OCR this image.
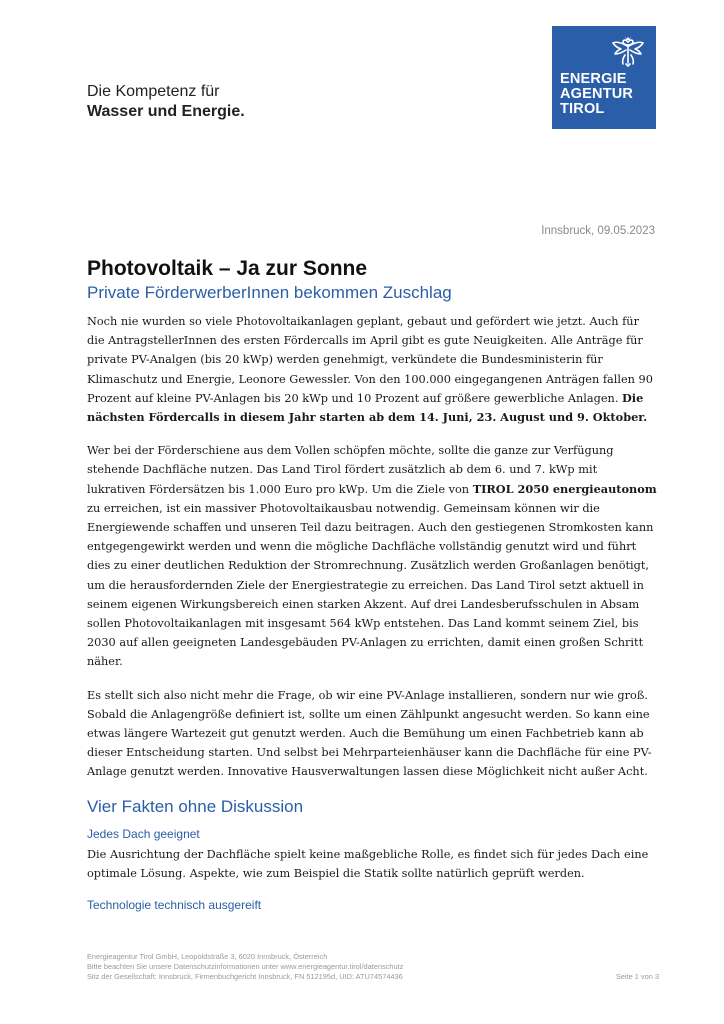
Die Kompetenz für
Wasser und Energie.
ENERGIE
AGENTUR
TIROL
Innsbruck, 09.05.2023
Photovoltaik – Ja zur Sonne
Private FörderwerberInnen bekommen Zuschlag

Noch nie wurden so viele Photovoltaikanlagen geplant, gebaut und gefördert wie jetzt. Auch für die AntragstellerInnen des ersten Fördercalls im April gibt es gute Neuigkeiten. Alle Anträge für private PV-Analgen (bis 20 kWp) werden genehmigt, verkündete die Bundesministerin für Klimaschutz und Energie, Leonore Gewessler. Von den 100.000 eingegangenen Anträgen fallen 90 Prozent auf kleine PV-Anlagen bis 20 kWp und 10 Prozent auf größere gewerbliche Anlagen. Die nächsten Fördercalls in diesem Jahr starten ab dem 14. Juni, 23. August und 9. Oktober.

Wer bei der Förderschiene aus dem Vollen schöpfen möchte, sollte die ganze zur Verfügung stehende Dachfläche nutzen. Das Land Tirol fördert zusätzlich ab dem 6. und 7. kWp mit lukrativen Fördersätzen bis 1.000 Euro pro kWp. Um die Ziele von TIROL 2050 energieautonom zu erreichen, ist ein massiver Photovoltaikausbau notwendig. Gemeinsam können wir die Energiewende schaffen und unseren Teil dazu beitragen. Auch den gestiegenen Stromkosten kann entgegengewirkt werden und wenn die mögliche Dachfläche vollständig genutzt wird und führt dies zu einer deutlichen Reduktion der Stromrechnung. Zusätzlich werden Großanlagen benötigt, um die herausfordernden Ziele der Energiestrategie zu erreichen. Das Land Tirol setzt aktuell in seinem eigenen Wirkungsbereich einen starken Akzent. Auf drei Landesberufsschulen in Absam sollen Photovoltaikanlagen mit insgesamt 564 kWp entstehen. Das Land kommt seinem Ziel, bis 2030 auf allen geeigneten Landesgebäuden PV-Anlagen zu errichten, damit einen großen Schritt näher.

Es stellt sich also nicht mehr die Frage, ob wir eine PV-Anlage installieren, sondern nur wie groß. Sobald die Anlagengröße definiert ist, sollte um einen Zählpunkt angesucht werden. So kann eine etwas längere Wartezeit gut genutzt werden. Auch die Bemühung um einen Fachbetrieb kann ab dieser Entscheidung starten. Und selbst bei Mehrparteienhäuser kann die Dachfläche für eine PV-Anlage genutzt werden. Innovative Hausverwaltungen lassen diese Möglichkeit nicht außer Acht.

Vier Fakten ohne Diskussion
Jedes Dach geeignet

Die Ausrichtung der Dachfläche spielt keine maßgebliche Rolle, es findet sich für jedes Dach eine optimale Lösung. Aspekte, wie zum Beispiel die Statik sollte natürlich geprüft werden.

Technologie technisch ausgereift
Energieagentur Tirol GmbH, Leopoldstraße 3, 6020 Innsbruck, Österreich
Bitte beachten Sie unsere Datenschutzinformationen unter www.energieagentur.tirol/datenschutz
Sitz der Gesellschaft: Innsbruck, Firmenbuchgericht Innsbruck, FN 512195d, UID: ATU74574436	Seite 1 von 3
